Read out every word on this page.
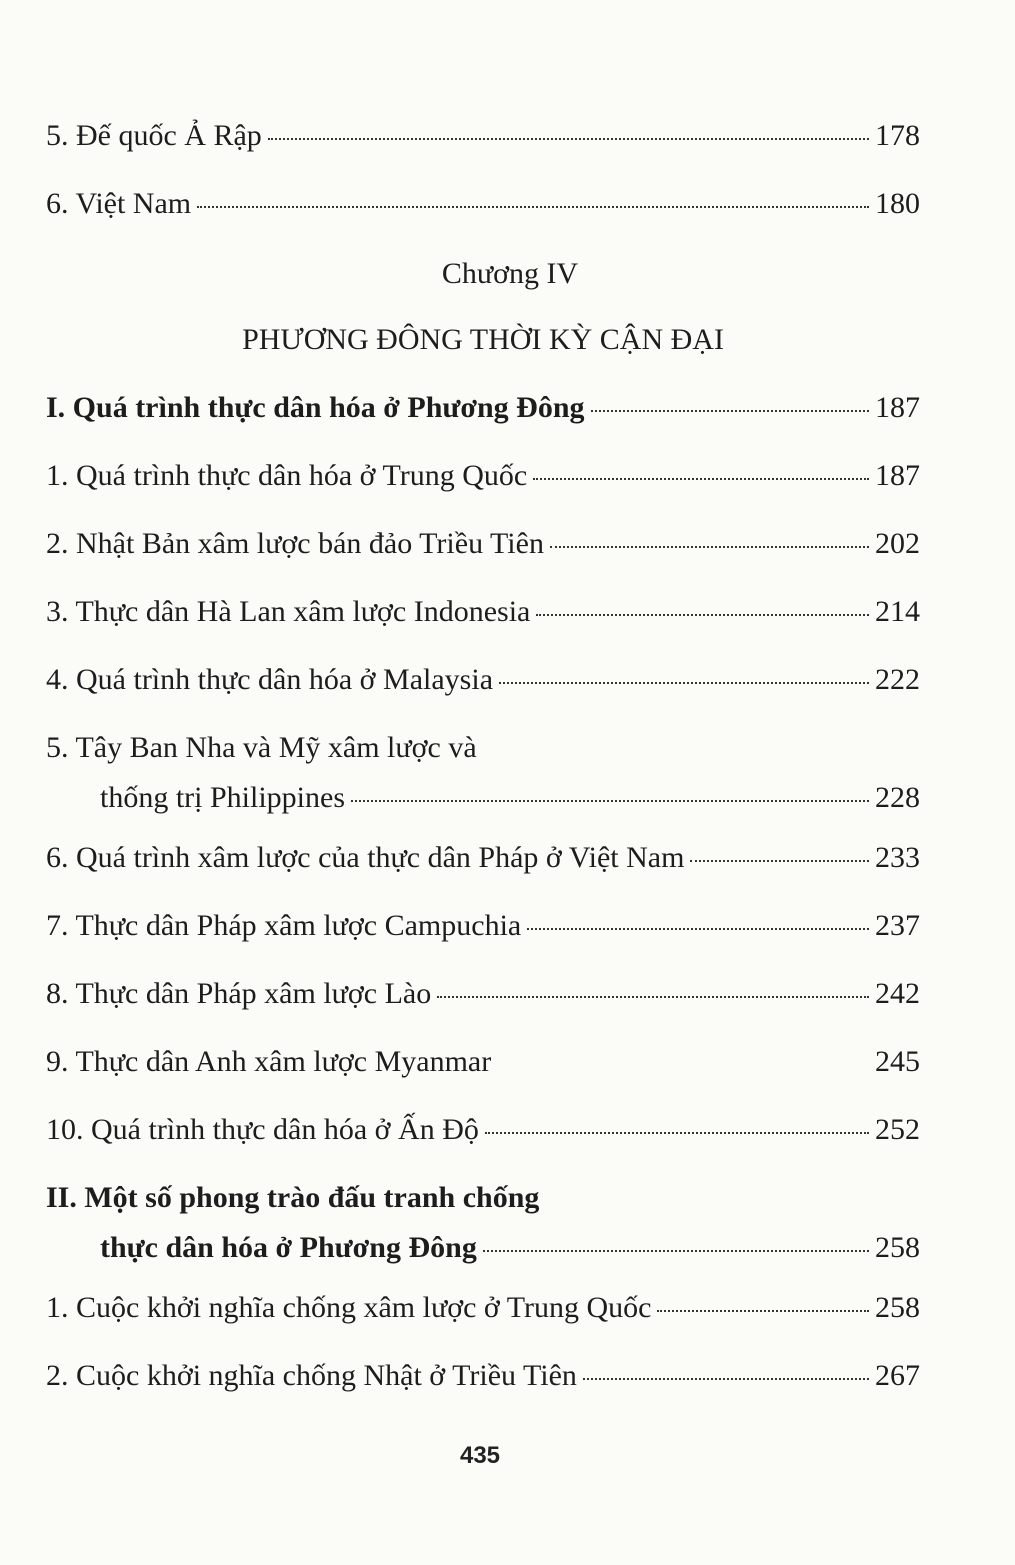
5. Đế quốc Ả Rập	178
6. Việt Nam	180
Chương IV
PHƯƠNG ĐÔNG THỜI KỲ CẬN ĐẠI
I. Quá trình thực dân hóa ở Phương Đông	187
1. Quá trình thực dân hóa ở Trung Quốc	187
2. Nhật Bản xâm lược bán đảo Triều Tiên	202
3. Thực dân Hà Lan xâm lược Indonesia	214
4. Quá trình thực dân hóa ở Malaysia	222
5. Tây Ban Nha và Mỹ xâm lược và
thống trị Philippines	228
6. Quá trình xâm lược của thực dân Pháp ở Việt Nam	233
7. Thực dân Pháp xâm lược Campuchia	237
8. Thực dân Pháp xâm lược Lào	242
9. Thực dân Anh xâm lược Myanmar	245
10. Quá trình thực dân hóa ở Ấn Độ	252
II. Một số phong trào đấu tranh chống
thực dân hóa ở Phương Đông	258
1. Cuộc khởi nghĩa chống xâm lược ở Trung Quốc	258
2. Cuộc khởi nghĩa chống Nhật ở Triều Tiên	267
435
